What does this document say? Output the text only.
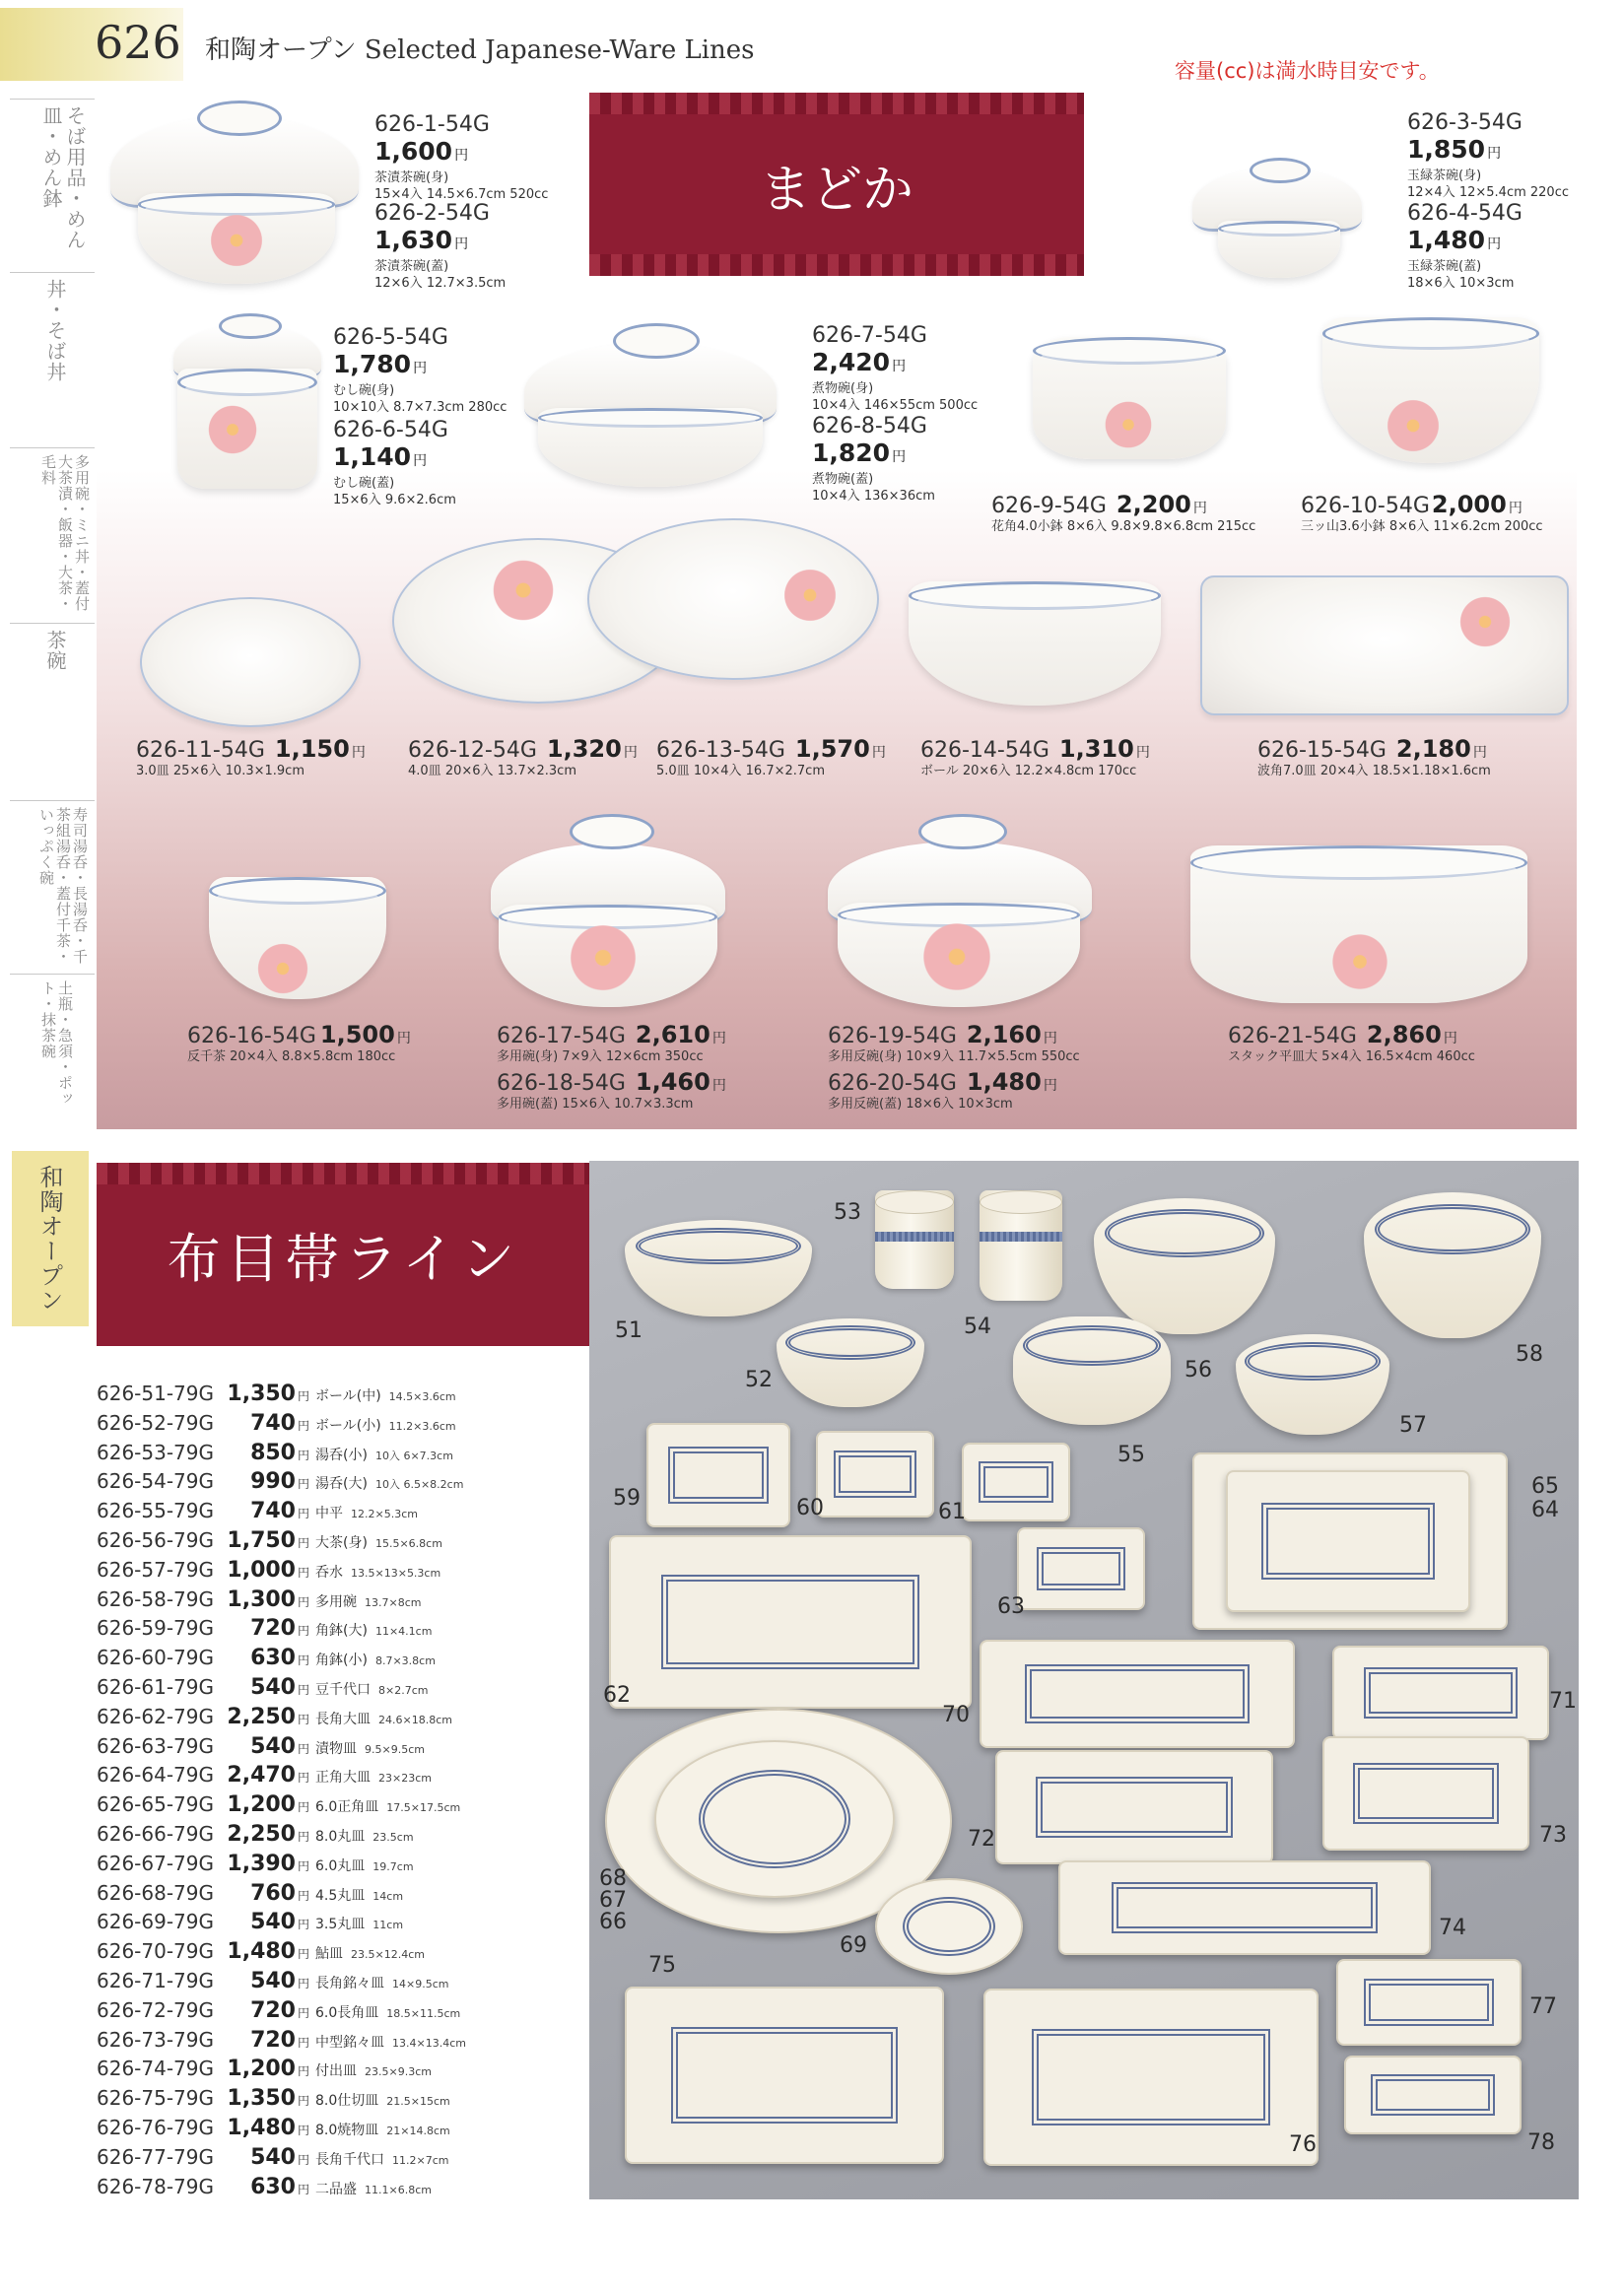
626 和陶オープン Selected Japanese-Ware Lines
容量(cc)は満水時目安です。
そば用品・めん皿・めん鉢
丼・そば丼
多用碗・ミニ丼・蓋付大茶漬・飯器・大茶・毛料
茶碗
寿司湯呑・長湯呑・千茶組湯呑・蓋付千茶・いっぷく碗
土瓶・急須・ポット・抹茶碗
和陶オープン
まどか
626-1-54G
1,600 円
茶漬茶碗(身)
15×4入 14.5×6.7cm 520cc
626-2-54G
1,630 円
茶漬茶碗(蓋)
12×6入 12.7×3.5cm
626-3-54G
1,850 円
玉緑茶碗(身)
12×4入 12×5.4cm 220cc
626-4-54G
1,480 円
玉緑茶碗(蓋)
18×6入 10×3cm
626-5-54G
1,780 円
むし碗(身)
10×10入 8.7×7.3cm 280cc
626-6-54G
1,140 円
むし碗(蓋)
15×6入 9.6×2.6cm
626-7-54G
2,420 円
煮物碗(身)
10×4入 146×55cm 500cc
626-8-54G
1,820 円
煮物碗(蓋)
10×4入 136×36cm	626-9-54G 2,200 円
花角4.0小鉢 8×6入 9.8×9.8×6.8cm 215cc
626-10-54G2,000 円
三ッ山3.6小鉢 8×6入 11×6.2cm 200cc
626-11-54G 1,150 円
3.0皿 25×6入 10.3×1.9cm
626-12-54G 1,320 円
4.0皿 20×6入 13.7×2.3cm
626-13-54G 1,570 円
5.0皿 10×4入 16.7×2.7cm
626-14-54G 1,310 円
ボール 20×6入 12.2×4.8cm 170cc
626-15-54G 2,180 円
波角7.0皿 20×4入 18.5×1.18×1.6cm
626-16-54G 1,500 円
反千茶 20×4入 8.8×5.8cm 180cc
626-17-54G 2,610 円
多用碗(身) 7×9入 12×6cm 350cc
626-18-54G 1,460 円
多用碗(蓋) 15×6入 10.7×3.3cm
626-19-54G 2,160 円
多用反碗(身) 10×9入 11.7×5.5cm 550cc
626-20-54G 1,480 円
多用反碗(蓋) 18×6入 10×3cm
626-21-54G 2,860 円
スタック平皿大 5×4入 16.5×4cm 460cc
布目帯ライン
626-51-79G 1,350 円 ボール(中) 14.5×3.6cm
626-52-79G	740 円 ボール(小) 11.2×3.6cm
626-53-79G	850 円 湯呑(小) 10入 6×7.3cm
626-54-79G	990 円 湯呑(大) 10入 6.5×8.2cm
626-55-79G	740 円 中平 12.2×5.3cm
626-56-79G 1,750 円 大茶(身) 15.5×6.8cm
626-57-79G 1,000 円 呑水 13.5×13×5.3cm
626-58-79G 1,300 円 多用碗 13.7×8cm
626-59-79G	720 円 角鉢(大) 11×4.1cm
626-60-79G	630 円 角鉢(小) 8.7×3.8cm
626-61-79G	540 円 豆千代口 8×2.7cm
626-62-79G 2,250 円 長角大皿 24.6×18.8cm
626-63-79G	540 円 漬物皿 9.5×9.5cm
626-64-79G 2,470 円 正角大皿 23×23cm
626-65-79G 1,200 円 6.0正角皿 17.5×17.5cm
626-66-79G 2,250 円 8.0丸皿 23.5cm
626-67-79G 1,390 円 6.0丸皿 19.7cm
626-68-79G	760 円 4.5丸皿 14cm
626-69-79G	540 円 3.5丸皿 11cm
626-70-79G 1,480 円 鮎皿 23.5×12.4cm
626-71-79G	540 円 長角銘々皿 14×9.5cm
626-72-79G	720 円 6.0長角皿 18.5×11.5cm
626-73-79G	720 円 中型銘々皿 13.4×13.4cm
626-74-79G 1,200 円 付出皿 23.5×9.3cm
626-75-79G 1,350 円 8.0仕切皿 21.5×15cm
626-76-79G 1,480 円 8.0焼物皿 21×14.8cm
626-77-79G	540 円 長角千代口 11.2×7cm
626-78-79G	630 円 二品盛 11.1×6.8cm
51
52
53
54
55
56
57
58
59	60	61
62
63
64
65
66
67
68
69
70
71
72	73
74
75
76
77
78
